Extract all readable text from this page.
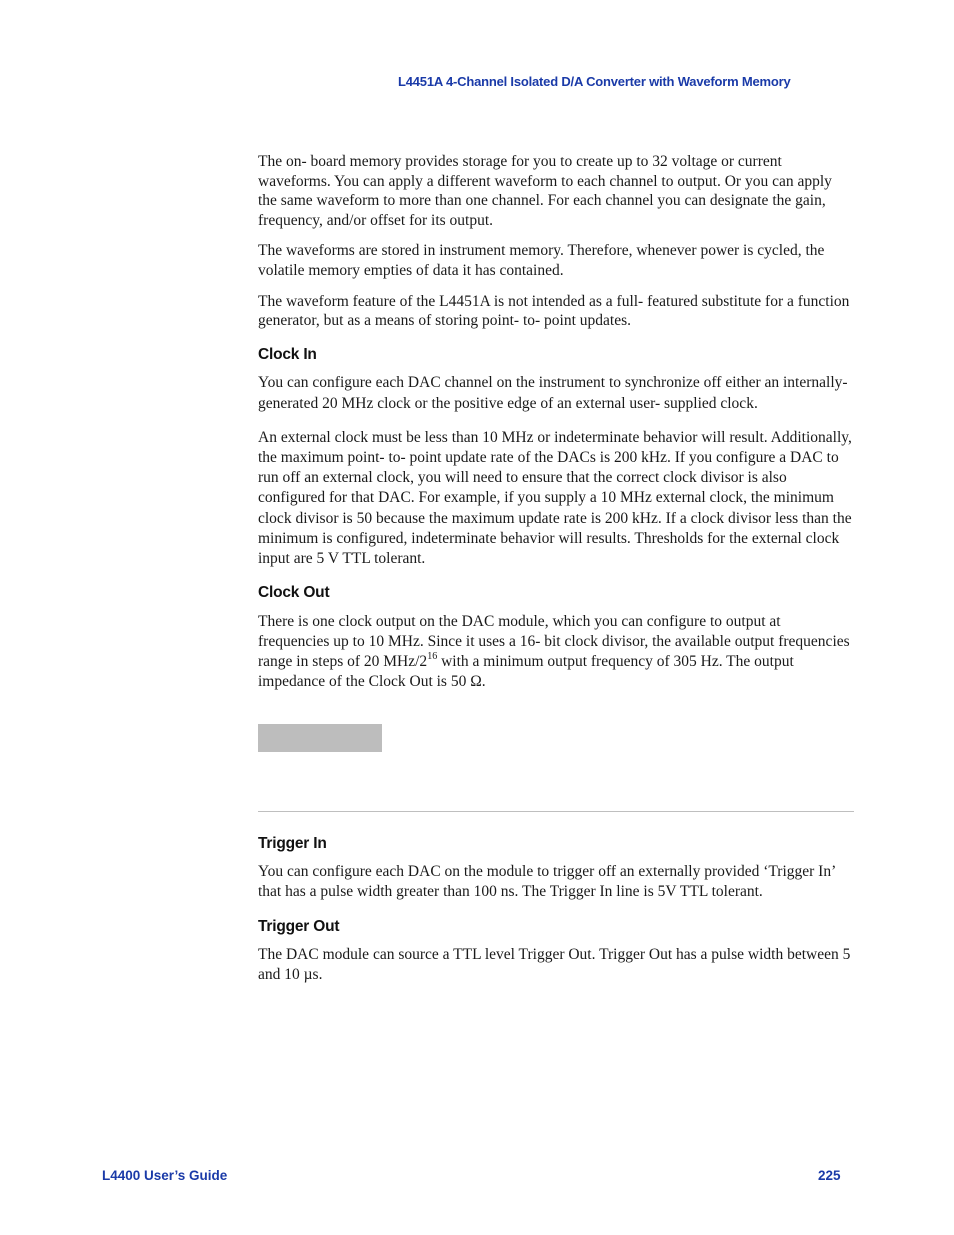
L4451A 4-Channel Isolated D/A Converter with Waveform Memory

The on- board memory provides storage for you to create up to 32 voltage or current waveforms. You can apply a different waveform to each channel to output. Or you can apply the same waveform to more than one channel. For each channel you can designate the gain, frequency, and/or offset for its output.

The waveforms are stored in instrument memory. Therefore, whenever power is cycled, the volatile memory empties of data it has contained.

The waveform feature of the L4451A is not intended as a full- featured substitute for a function generator, but as a means of storing point- to- point updates.

Clock In

You can configure each DAC channel on the instrument to synchronize off either an internally- generated 20 MHz clock or the positive edge of an external user- supplied clock.

An external clock must be less than 10 MHz or indeterminate behavior will result. Additionally, the maximum point- to- point update rate of the DACs is 200 kHz. If you configure a DAC to run off an external clock, you will need to ensure that the correct clock divisor is also configured for that DAC. For example, if you supply a 10 MHz external clock, the minimum clock divisor is 50 because the maximum update rate is 200 kHz. If a clock divisor less than the minimum is configured, indeterminate behavior will results. Thresholds for the external clock input are 5 V TTL tolerant.

Clock Out

There is one clock output on the DAC module, which you can configure to output at frequencies up to 10 MHz. Since it uses a 16- bit clock divisor, the available output frequencies range in steps of 20 MHz/$2^{16}$ with a minimum output frequency of 305 Hz. The output impedance of the Clock Out is 50 Ω.

Trigger In

You can configure each DAC on the module to trigger off an externally provided ‘Trigger In’ that has a pulse width greater than 100 ns. The Trigger In line is 5V TTL tolerant.

Trigger Out

The DAC module can source a TTL level Trigger Out. Trigger Out has a pulse width between 5 and 10 µs.

L4400 User’s Guide	225
